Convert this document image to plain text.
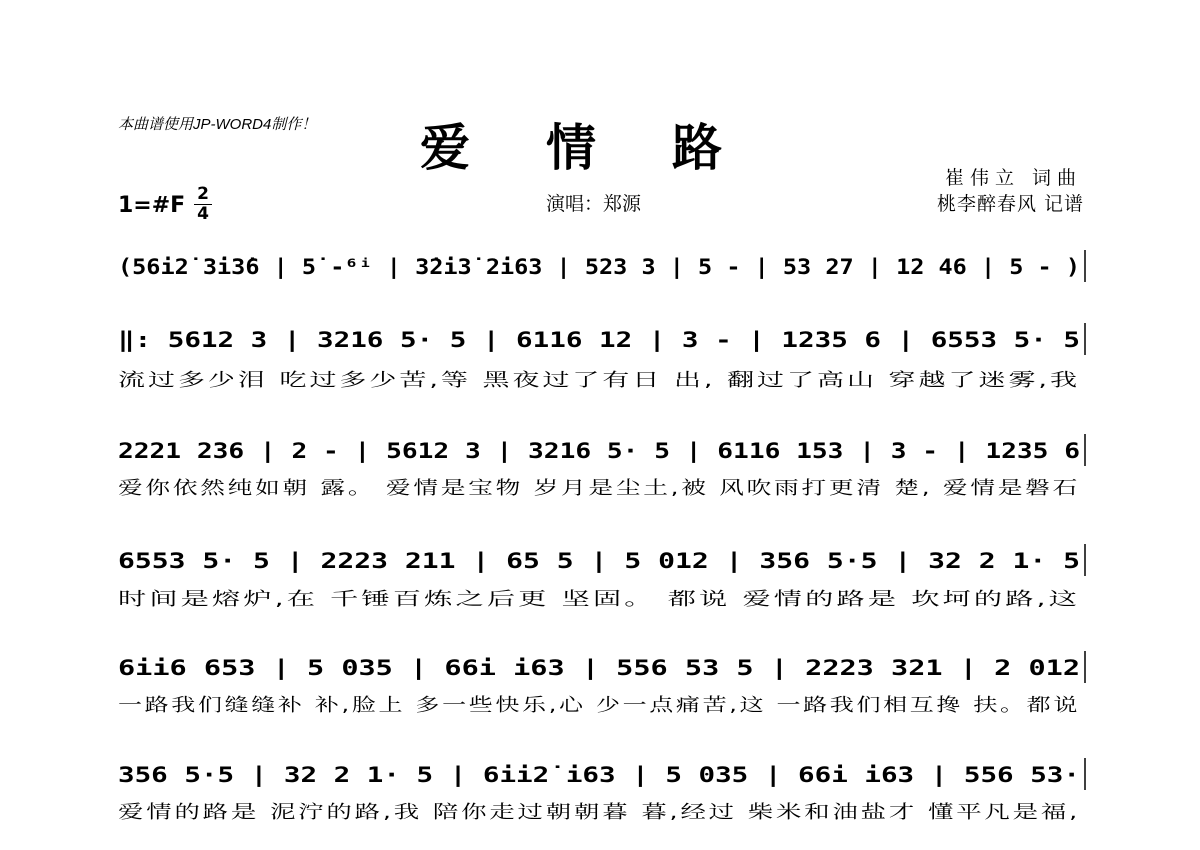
本曲谱使用JP-WORD4制作！ 爱情路
崔伟立 词曲
桃李醉春风 记谱
演唱：郑源
1=#F 2
4
(56i2̇ 3̇i3̇6 | 5̇ -⁶ⁱ | 3̇2̇i3̇ 2̇i63 | 523 3 | 5 - | 53 27 | 12 46 | 5 - )
‖: 5612 3 | 3216 5· 5 | 6116 12 | 3 - | 1235 6 | 6553 5· 5
流过多少泪 吃过多少苦,等 黑夜过了有日 出, 翻过了高山 穿越了迷雾,我
2221 236 | 2 - | 5612 3 | 3216 5· 5 | 6116 153 | 3 - | 1235 6
爱你依然纯如朝 露。 爱情是宝物 岁月是尘土,被 风吹雨打更清 楚, 爱情是磐石
6553 5· 5 | 2223 211 | 65 5 | 5 012 | 356 5·5 | 32 2 1· 5
时间是熔炉,在 千锤百炼之后更 坚固。 都说 爱情的路是 坎坷的路,这
6ii6 653 | 5 035 | 66i i63 | 556 53 5 | 2223 321 | 2 012
一路我们缝缝补 补,脸上 多一些快乐,心 少一点痛苦,这 一路我们相互搀 扶。都说
356 5·5 | 32 2 1· 5 | 6ii2̇ i63 | 5 035 | 66i i63 | 556 53·
爱情的路是 泥泞的路,我 陪你走过朝朝暮 暮,经过 柴米和油盐才 懂平凡是福,
